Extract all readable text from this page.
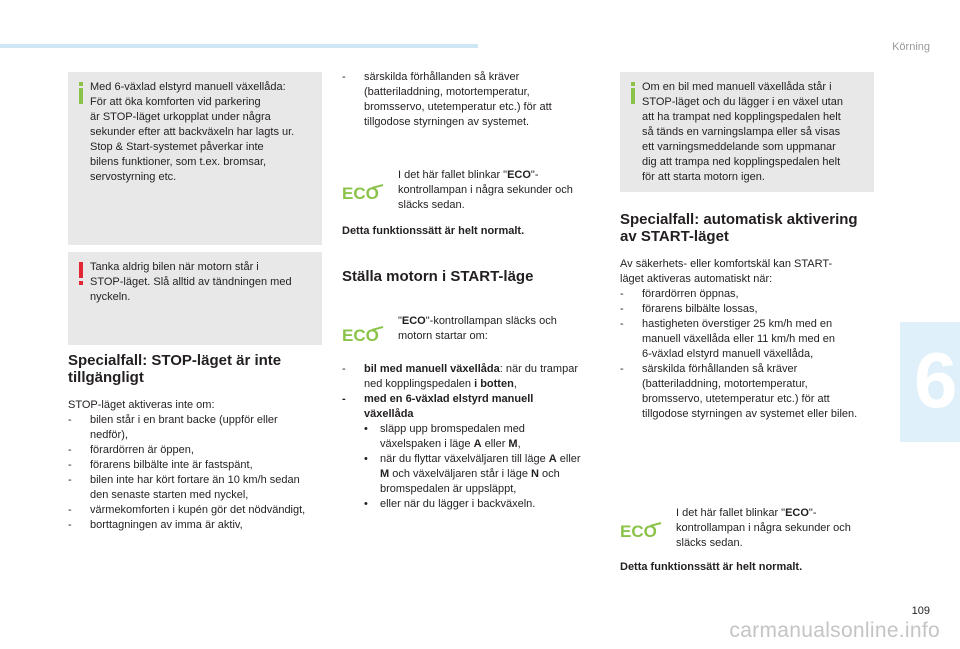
Körning
6
109
carmanualsonline.info
Med 6-växlad elstyrd manuell växellåda:
För att öka komforten vid parkering
är STOP-läget urkopplat under några
sekunder efter att backväxeln har lagts ur.
Stop & Start-systemet påverkar inte
bilens funktioner, som t.ex. bromsar,
servostyrning etc.
Tanka aldrig bilen när motorn står i
STOP-läget. Slå alltid av tändningen med
nyckeln.
Specialfall: STOP-läget är inte
tillgängligt

STOP-läget aktiveras inte om:

- bilen står i en brant backe (uppför eller
nedför),
- förardörren är öppen,
- förarens bilbälte inte är fastspänt,
- bilen inte har kört fortare än 10 km/h sedan
den senaste starten med nyckel,
- värmekomforten i kupén gör det nödvändigt,
- borttagningen av imma är aktiv,
- särskilda förhållanden så kräver
(batteriladdning, motortemperatur,
bromsservo, utetemperatur etc.) för att
tillgodose styrningen av systemet.
ECO
I det här fallet blinkar "ECO"-
kontrollampan i några sekunder och
släcks sedan.
Detta funktionssätt är helt normalt.
Ställa motorn i START-läge
ECO
"ECO"-kontrollampan släcks och
motorn startar om:
- bil med manuell växellåda: när du trampar
ned kopplingspedalen i botten,
- med en 6-växlad elstyrd manuell
växellåda
• släpp upp bromspedalen med
växelspaken i läge A eller M,
• när du flyttar växelväljaren till läge A eller
M och växelväljaren står i läge N och
bromspedalen är uppsläppt,
• eller när du lägger i backväxeln.
Om en bil med manuell växellåda står i
STOP-läget och du lägger i en växel utan
att ha trampat ned kopplingspedalen helt
så tänds en varningslampa eller så visas
ett varningsmeddelande som uppmanar
dig att trampa ned kopplingspedalen helt
för att starta motorn igen.
Specialfall: automatisk aktivering
av START-läget
Av säkerhets- eller komfortskäl kan START-
läget aktiveras automatiskt när:
- förardörren öppnas,
- förarens bilbälte lossas,
- hastigheten överstiger 25 km/h med en
manuell växellåda eller 11 km/h med en
6-växlad elstyrd manuell växellåda,
- särskilda förhållanden så kräver
(batteriladdning, motortemperatur,
bromsservo, utetemperatur etc.) för att
tillgodose styrningen av systemet eller bilen.
ECO
I det här fallet blinkar "ECO"-
kontrollampan i några sekunder och
släcks sedan.
Detta funktionssätt är helt normalt.
